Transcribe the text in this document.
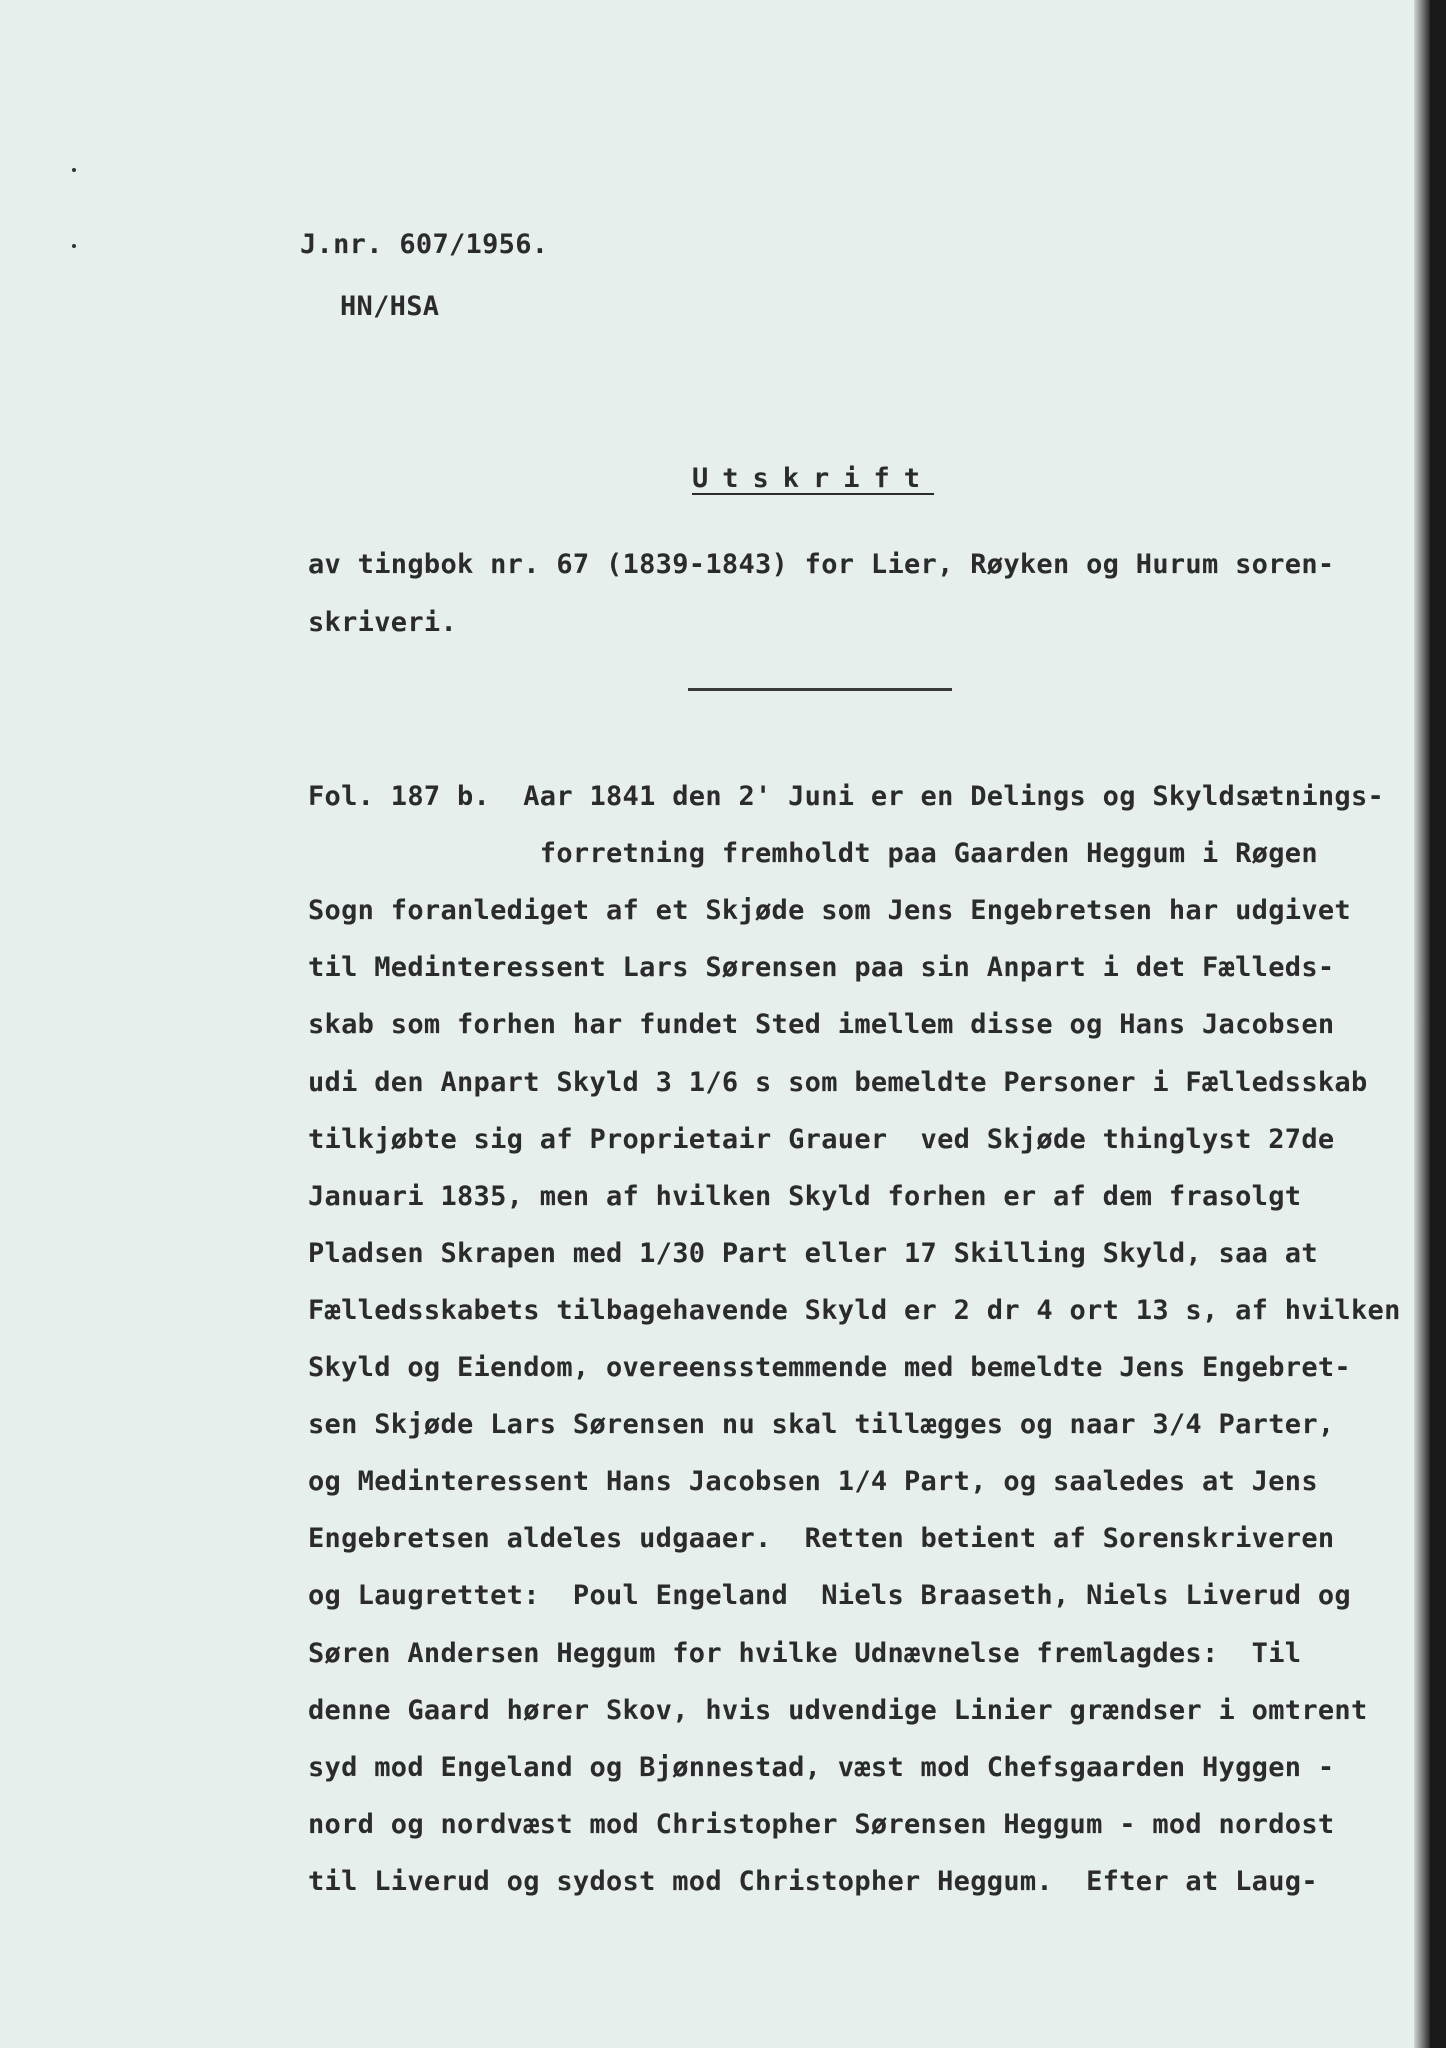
J.nr. 607/1956.
HN/HSA
Utskrift
av tingbok nr. 67 (1839-1843) for Lier, Røyken og Hurum soren-
skriveri.
Fol. 187 b.  Aar 1841 den 2' Juni er en Delings og Skyldsætnings-
forretning fremholdt paa Gaarden Heggum i Røgen
Sogn foranlediget af et Skjøde som Jens Engebretsen har udgivet
til Medinteressent Lars Sørensen paa sin Anpart i det Fælleds-
skab som forhen har fundet Sted imellem disse og Hans Jacobsen
udi den Anpart Skyld 3 1/6 s som bemeldte Personer i Fælledsskab
tilkjøbte sig af Proprietair Grauer  ved Skjøde thinglyst 27de
Januari 1835, men af hvilken Skyld forhen er af dem frasolgt
Pladsen Skrapen med 1/30 Part eller 17 Skilling Skyld, saa at
Fælledsskabets tilbagehavende Skyld er 2 dr 4 ort 13 s, af hvilken
Skyld og Eiendom, overeensstemmende med bemeldte Jens Engebret-
sen Skjøde Lars Sørensen nu skal tillægges og naar 3/4 Parter,
og Medinteressent Hans Jacobsen 1/4 Part, og saaledes at Jens
Engebretsen aldeles udgaaer.  Retten betient af Sorenskriveren
og Laugrettet:  Poul Engeland  Niels Braaseth, Niels Liverud og
Søren Andersen Heggum for hvilke Udnævnelse fremlagdes:  Til
denne Gaard hører Skov, hvis udvendige Linier grændser i omtrent
syd mod Engeland og Bjønnestad, væst mod Chefsgaarden Hyggen -
nord og nordvæst mod Christopher Sørensen Heggum - mod nordost
til Liverud og sydost mod Christopher Heggum.  Efter at Laug-
